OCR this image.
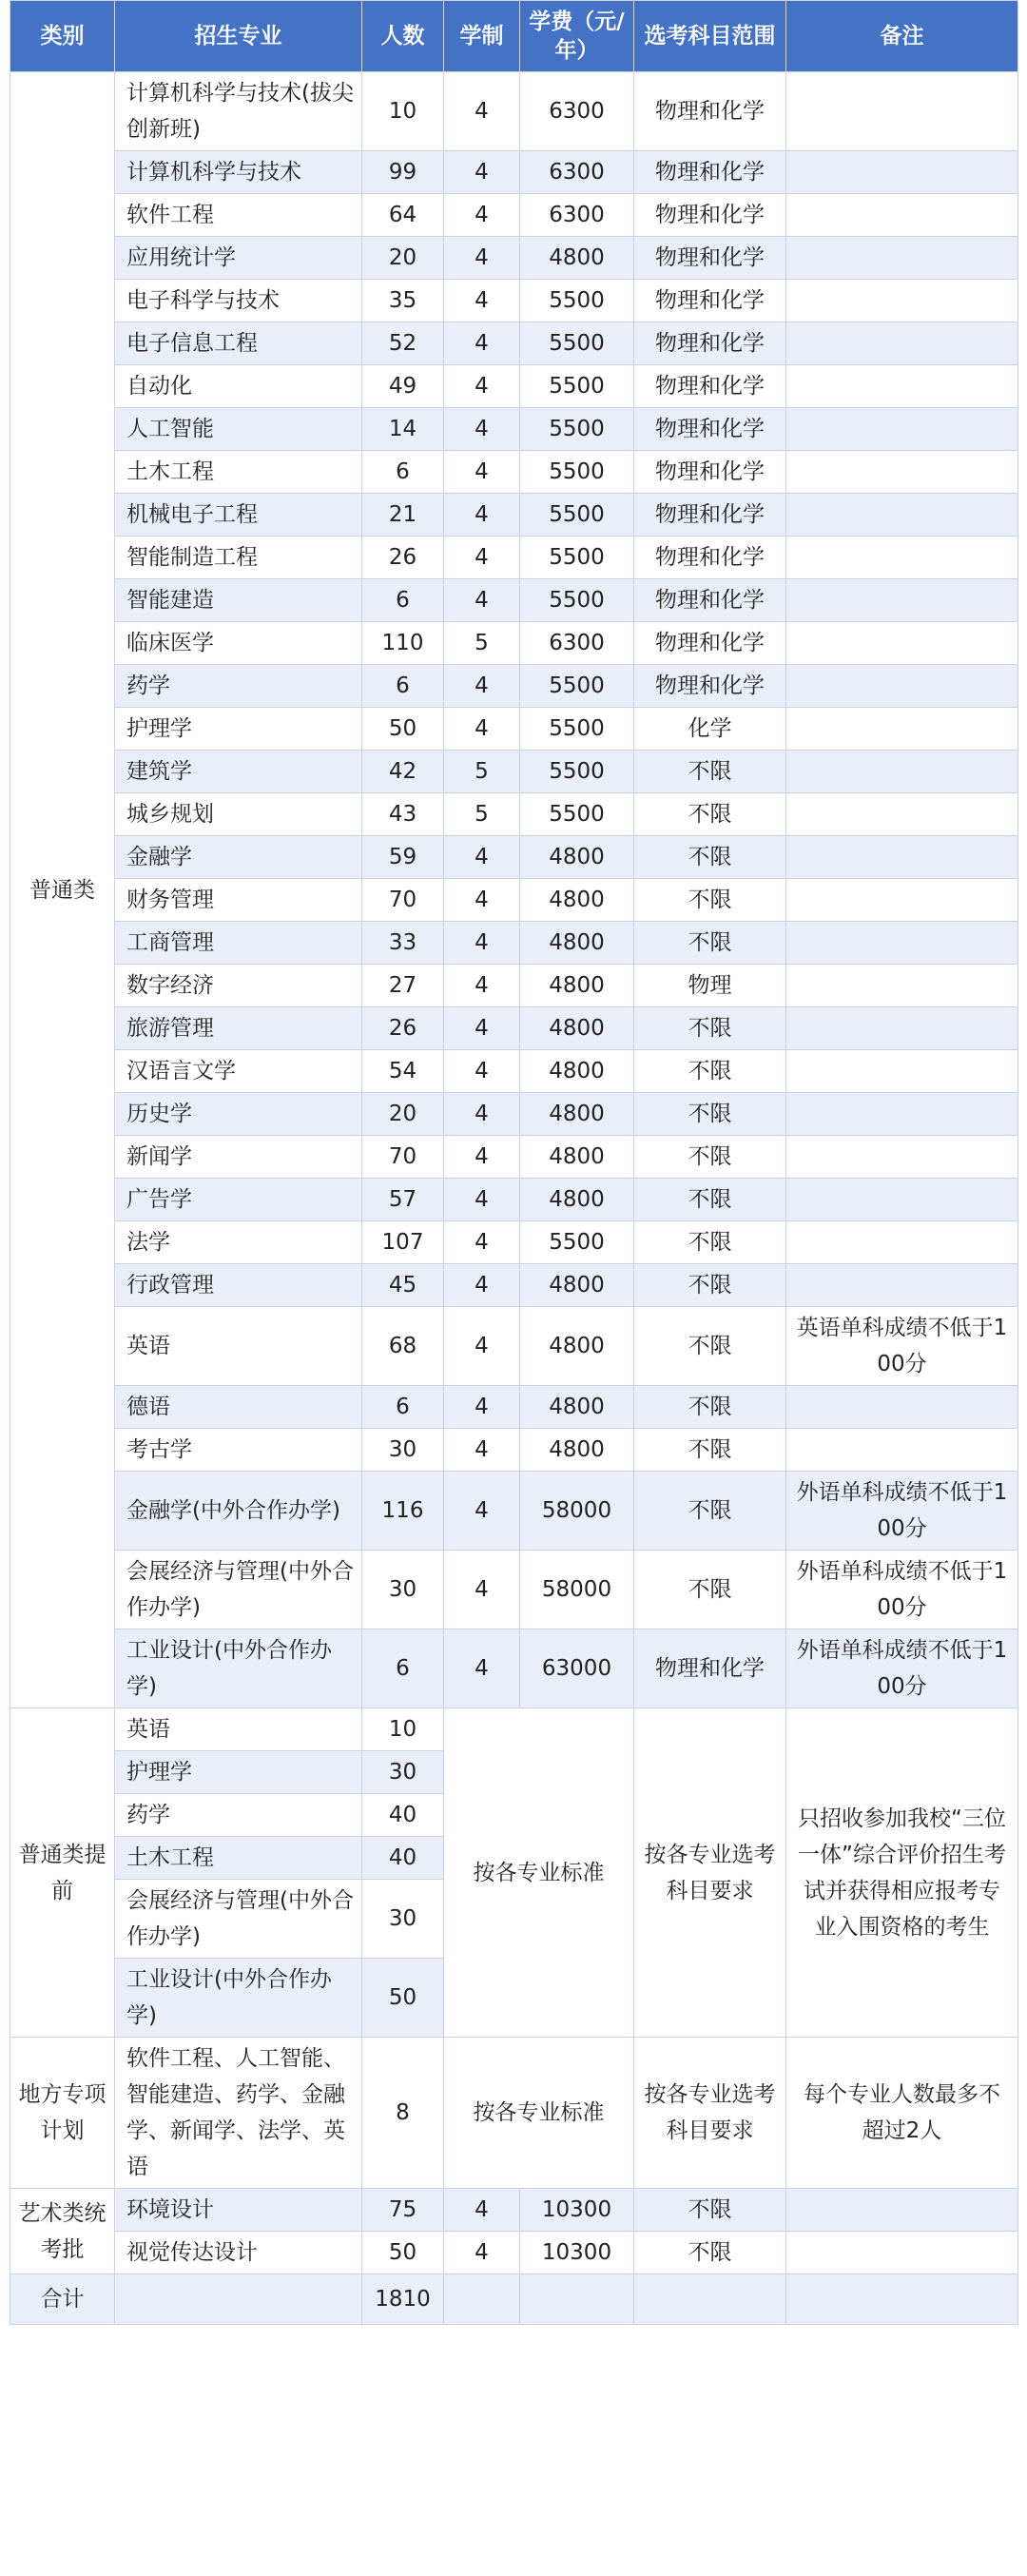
类别	招生专业	人数	学制	学费（元/年）	选考科目范围	备注
普通类	计算机科学与技术(拔尖创新班)	10	4	6300	物理和化学	
	计算机科学与技术	99	4	6300	物理和化学	
	软件工程	64	4	6300	物理和化学	
	应用统计学	20	4	4800	物理和化学	
	电子科学与技术	35	4	5500	物理和化学	
	电子信息工程	52	4	5500	物理和化学	
	自动化	49	4	5500	物理和化学	
	人工智能	14	4	5500	物理和化学	
	土木工程	6	4	5500	物理和化学	
	机械电子工程	21	4	5500	物理和化学	
	智能制造工程	26	4	5500	物理和化学	
	智能建造	6	4	5500	物理和化学	
	临床医学	110	5	6300	物理和化学	
	药学	6	4	5500	物理和化学	
	护理学	50	4	5500	化学	
	建筑学	42	5	5500	不限	
	城乡规划	43	5	5500	不限	
	金融学	59	4	4800	不限	
	财务管理	70	4	4800	不限	
	工商管理	33	4	4800	不限	
	数字经济	27	4	4800	物理	
	旅游管理	26	4	4800	不限	
	汉语言文学	54	4	4800	不限	
	历史学	20	4	4800	不限	
	新闻学	70	4	4800	不限	
	广告学	57	4	4800	不限	
	法学	107	4	5500	不限	
	行政管理	45	4	4800	不限	
	英语	68	4	4800	不限	英语单科成绩不低于100分
	德语	6	4	4800	不限	
	考古学	30	4	4800	不限	
	金融学(中外合作办学)	116	4	58000	不限	外语单科成绩不低于100分
	会展经济与管理(中外合作办学)	30	4	58000	不限	外语单科成绩不低于100分
	工业设计(中外合作办学)	6	4	63000	物理和化学	外语单科成绩不低于100分
普通类提前	英语	10	按各专业标准		按各专业选考科目要求	只招收参加我校“三位一体”综合评价招生考试并获得相应报考专业入围资格的考生
	护理学	30				
	药学	40				
	土木工程	40				
	会展经济与管理(中外合作办学)	30				
	工业设计(中外合作办学)	50				
地方专项计划	软件工程、人工智能、智能建造、药学、金融学、新闻学、法学、英语	8	按各专业标准		按各专业选考科目要求	每个专业人数最多不超过2人
艺术类统考批	环境设计	75	4	10300	不限	
	视觉传达设计	50	4	10300	不限	
合计		1810				
